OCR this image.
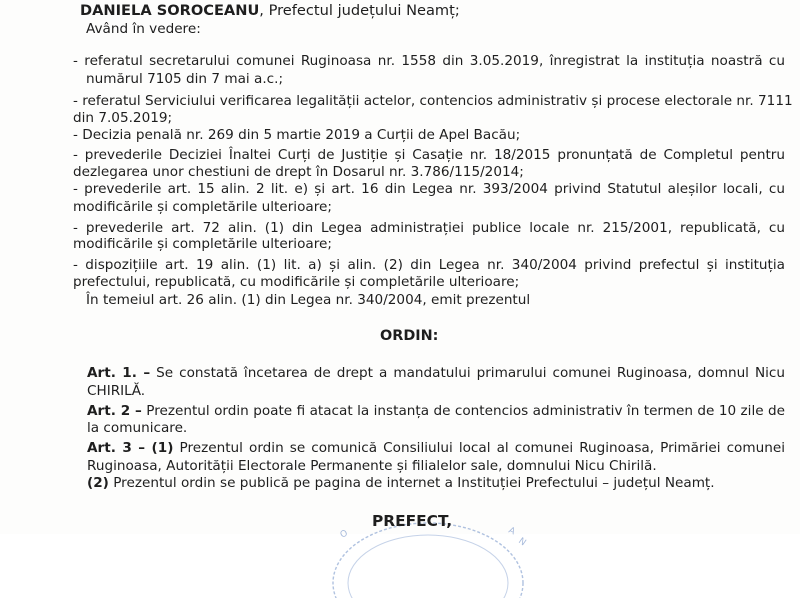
DANIELA SOROCEANU, Prefectul județului Neamț;
Având în vedere:
- referatul secretarului comunei Ruginoasa nr. 1558 din 3.05.2019, înregistrat la instituția noastră cu
numărul 7105 din 7 mai a.c.;
- referatul Serviciului verificarea legalității actelor, contencios administrativ și procese electorale nr. 7111
din 7.05.2019;
- Decizia penală nr. 269 din 5 martie 2019 a Curții de Apel Bacău;
- prevederile Deciziei Înaltei Curți de Justiție și Casație nr. 18/2015 pronunțată de Completul pentru
dezlegarea unor chestiuni de drept în Dosarul nr. 3.786/115/2014;
- prevederile art. 15 alin. 2 lit. e) și art. 16 din Legea nr. 393/2004 privind Statutul aleșilor locali, cu
modificările și completările ulterioare;
- prevederile art. 72 alin. (1) din Legea administrației publice locale nr. 215/2001, republicată, cu
modificările și completările ulterioare;
- dispozițiile art. 19 alin. (1) lit. a) și alin. (2) din Legea nr. 340/2004 privind prefectul și instituția
prefectului, republicată, cu modificările și completările ulterioare;
În temeiul art. 26 alin. (1) din Legea nr. 340/2004, emit prezentul
ORDIN:
Art. 1. – Se constată încetarea de drept a mandatului primarului comunei Ruginoasa, domnul Nicu
CHIRILĂ.
Art. 2 – Prezentul ordin poate fi atacat la instanța de contencios administrativ în termen de 10 zile de
la comunicare.
Art. 3 – (1) Prezentul ordin se comunică Consiliului local al comunei Ruginoasa, Primăriei comunei
Ruginoasa, Autorității Electorale Permanente și filialelor sale, domnului Nicu Chirilă.
(2) Prezentul ordin se publică pe pagina de internet a Instituției Prefectului – județul Neamț.
O	A
N
PREFECT,
